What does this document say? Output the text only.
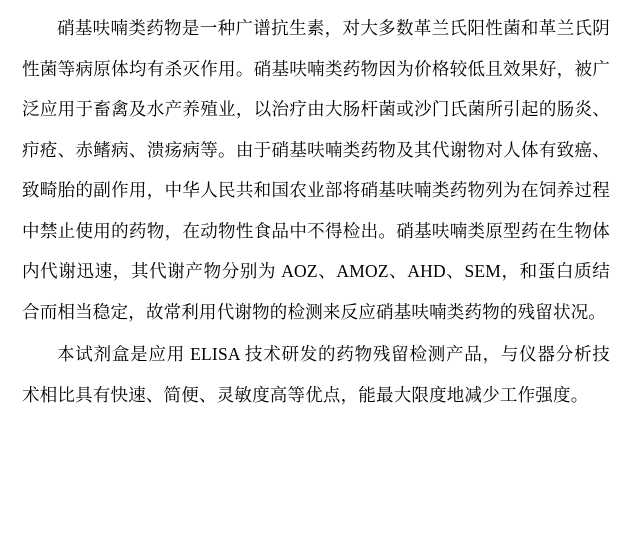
硝基呋喃类药物是一种广谱抗生素，对大多数革兰氏阳性菌和革兰氏阴性菌等病原体均有杀灭作用。硝基呋喃类药物因为价格较低且效果好，被广泛应用于畜禽及水产养殖业，以治疗由大肠杆菌或沙门氏菌所引起的肠炎、疖疮、赤鳍病、溃疡病等。由于硝基呋喃类药物及其代谢物对人体有致癌、致畸胎的副作用，中华人民共和国农业部将硝基呋喃类药物列为在饲养过程中禁止使用的药物，在动物性食品中不得检出。硝基呋喃类原型药在生物体内代谢迅速，其代谢产物分别为 AOZ、AMOZ、AHD、SEM，和蛋白质结合而相当稳定，故常利用代谢物的检测来反应硝基呋喃类药物的残留状况。

本试剂盒是应用 ELISA 技术研发的药物残留检测产品，与仪器分析技术相比具有快速、简便、灵敏度高等优点，能最大限度地减少工作强度。
